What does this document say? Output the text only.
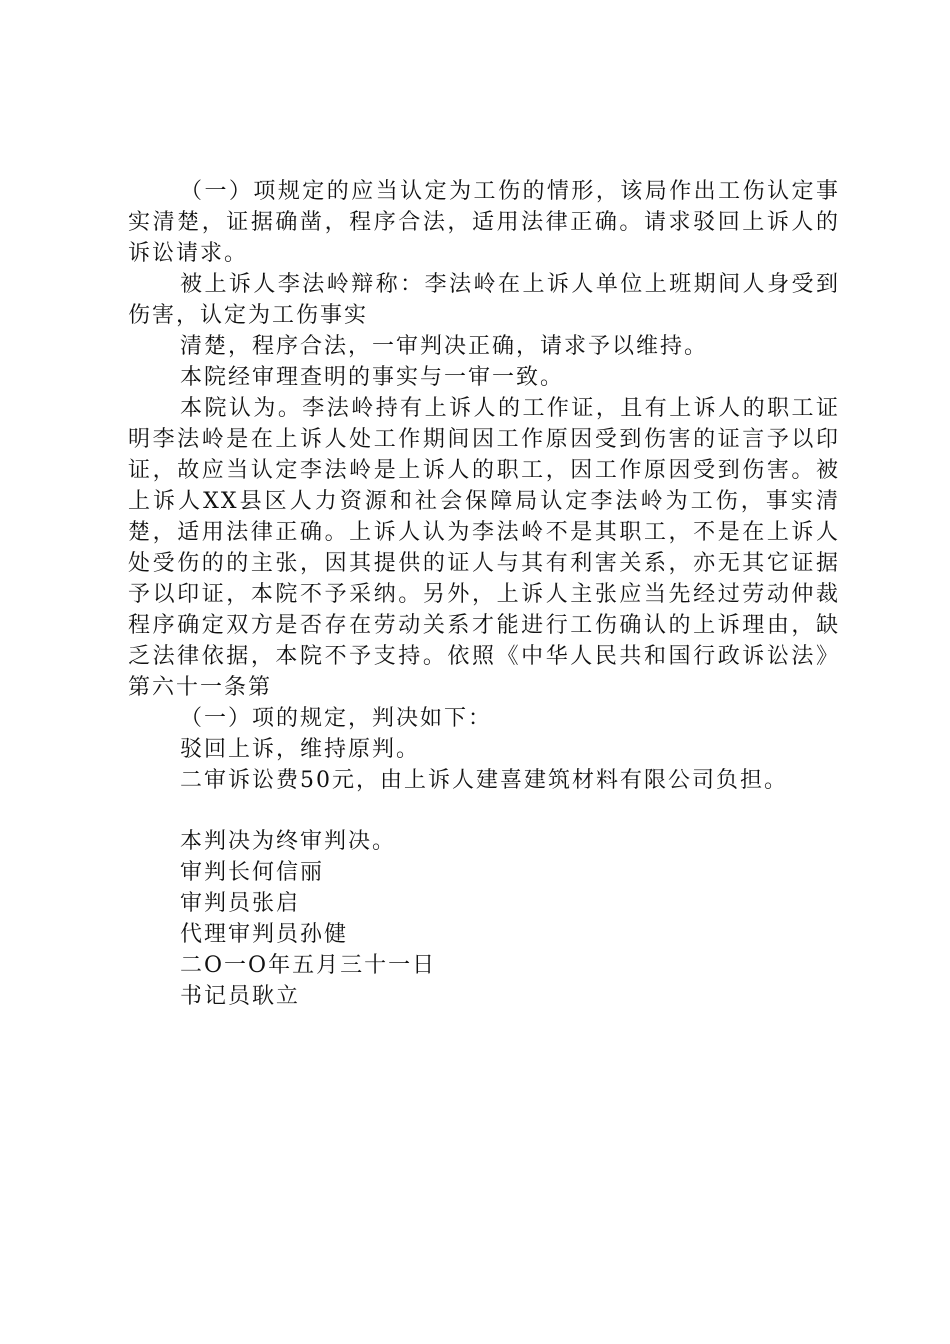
（一）项规定的应当认定为工伤的情形，该局作出工伤认定事实清楚，证据确凿，程序合法，适用法律正确。请求驳回上诉人的诉讼请求。

被上诉人李法岭辩称：李法岭在上诉人单位上班期间人身受到伤害，认定为工伤事实

清楚，程序合法，一审判决正确，请求予以维持。

本院经审理查明的事实与一审一致。

本院认为。李法岭持有上诉人的工作证，且有上诉人的职工证明李法岭是在上诉人处工作期间因工作原因受到伤害的证言予以印证，故应当认定李法岭是上诉人的职工，因工作原因受到伤害。被上诉人XX县区人力资源和社会保障局认定李法岭为工伤，事实清楚，适用法律正确。上诉人认为李法岭不是其职工，不是在上诉人处受伤的的主张，因其提供的证人与其有利害关系，亦无其它证据予以印证，本院不予采纳。另外，上诉人主张应当先经过劳动仲裁程序确定双方是否存在劳动关系才能进行工伤确认的上诉理由，缺乏法律依据，本院不予支持。依照《中华人民共和国行政诉讼法》第六十一条第

（一）项的规定，判决如下：

驳回上诉，维持原判。

二审诉讼费50元，由上诉人建喜建筑材料有限公司负担。

本判决为终审判决。

审判长何信丽

审判员张启

代理审判员孙健

二O一O年五月三十一日

书记员耿立
